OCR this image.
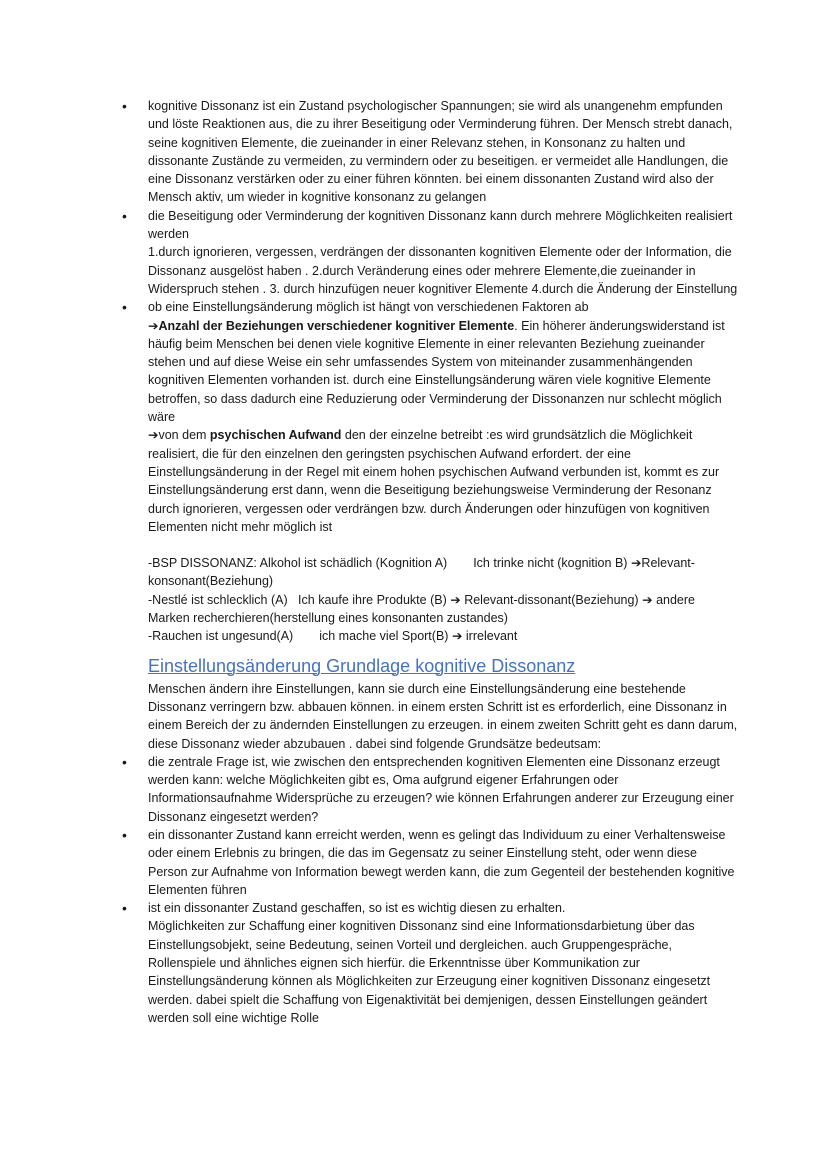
• kognitive Dissonanz ist ein Zustand psychologischer Spannungen; sie wird als unangenehm empfunden und löste Reaktionen aus, die zu ihrer Beseitigung oder Verminderung führen. Der Mensch strebt danach, seine kognitiven Elemente, die zueinander in einer Relevanz stehen, in Konsonanz zu halten und dissonante Zustände zu vermeiden, zu vermindern oder zu beseitigen. er vermeidet alle Handlungen, die eine Dissonanz verstärken oder zu einer führen könnten. bei einem dissonanten Zustand wird also der Mensch aktiv, um wieder in kognitive konsonanz zu gelangen

• die Beseitigung oder Verminderung der kognitiven Dissonanz kann durch mehrere Möglichkeiten realisiert werden

1.durch ignorieren, vergessen, verdrängen der dissonanten kognitiven Elemente oder der Information, die Dissonanz ausgelöst haben . 2.durch Veränderung eines oder mehrere Elemente,die zueinander in Widerspruch stehen . 3. durch hinzufügen neuer kognitiver Elemente 4.durch die Änderung der Einstellung

• ob eine Einstellungsänderung möglich ist hängt von verschiedenen Faktoren ab

➔Anzahl der Beziehungen verschiedener kognitiver Elemente. Ein höherer änderungswiderstand ist häufig beim Menschen bei denen viele kognitive Elemente in einer relevanten Beziehung zueinander stehen und auf diese Weise ein sehr umfassendes System von miteinander zusammenhängenden kognitiven Elementen vorhanden ist. durch eine Einstellungsänderung wären viele kognitive Elemente betroffen, so dass dadurch eine Reduzierung oder Verminderung der Dissonanzen nur schlecht möglich wäre

➔von dem psychischen Aufwand den der einzelne betreibt :es wird grundsätzlich die Möglichkeit realisiert, die für den einzelnen den geringsten psychischen Aufwand erfordert. der eine Einstellungsänderung in der Regel mit einem hohen psychischen Aufwand verbunden ist, kommt es zur Einstellungsänderung erst dann, wenn die Beseitigung beziehungsweise Verminderung der Resonanz durch ignorieren, vergessen oder verdrängen bzw. durch Änderungen oder hinzufügen von kognitiven Elementen nicht mehr möglich ist

-BSP DISSONANZ: Alkohol ist schädlich (Kognition A) Ich trinke nicht (kognition B) ➔Relevant-konsonant(Beziehung)

-Nestlé ist schlecklich (A) Ich kaufe ihre Produkte (B) ➔ Relevant-dissonant(Beziehung) ➔ andere Marken recherchieren(herstellung eines konsonanten zustandes)

-Rauchen ist ungesund(A) ich mache viel Sport(B) ➔ irrelevant

Einstellungsänderung Grundlage kognitive Dissonanz

Menschen ändern ihre Einstellungen, kann sie durch eine Einstellungsänderung eine bestehende Dissonanz verringern bzw. abbauen können. in einem ersten Schritt ist es erforderlich, eine Dissonanz in einem Bereich der zu ändernden Einstellungen zu erzeugen. in einem zweiten Schritt geht es dann darum, diese Dissonanz wieder abzubauen . dabei sind folgende Grundsätze bedeutsam:

• die zentrale Frage ist, wie zwischen den entsprechenden kognitiven Elementen eine Dissonanz erzeugt werden kann: welche Möglichkeiten gibt es, Oma aufgrund eigener Erfahrungen oder Informationsaufnahme Widersprüche zu erzeugen? wie können Erfahrungen anderer zur Erzeugung einer Dissonanz eingesetzt werden?

• ein dissonanter Zustand kann erreicht werden, wenn es gelingt das Individuum zu einer Verhaltensweise oder einem Erlebnis zu bringen, die das im Gegensatz zu seiner Einstellung steht, oder wenn diese Person zur Aufnahme von Information bewegt werden kann, die zum Gegenteil der bestehenden kognitive Elementen führen

• ist ein dissonanter Zustand geschaffen, so ist es wichtig diesen zu erhalten.

Möglichkeiten zur Schaffung einer kognitiven Dissonanz sind eine Informationsdarbietung über das Einstellungsobjekt, seine Bedeutung, seinen Vorteil und dergleichen. auch Gruppengespräche, Rollenspiele und ähnliches eignen sich hierfür. die Erkenntnisse über Kommunikation zur Einstellungsänderung können als Möglichkeiten zur Erzeugung einer kognitiven Dissonanz eingesetzt werden. dabei spielt die Schaffung von Eigenaktivität bei demjenigen, dessen Einstellungen geändert werden soll eine wichtige Rolle
